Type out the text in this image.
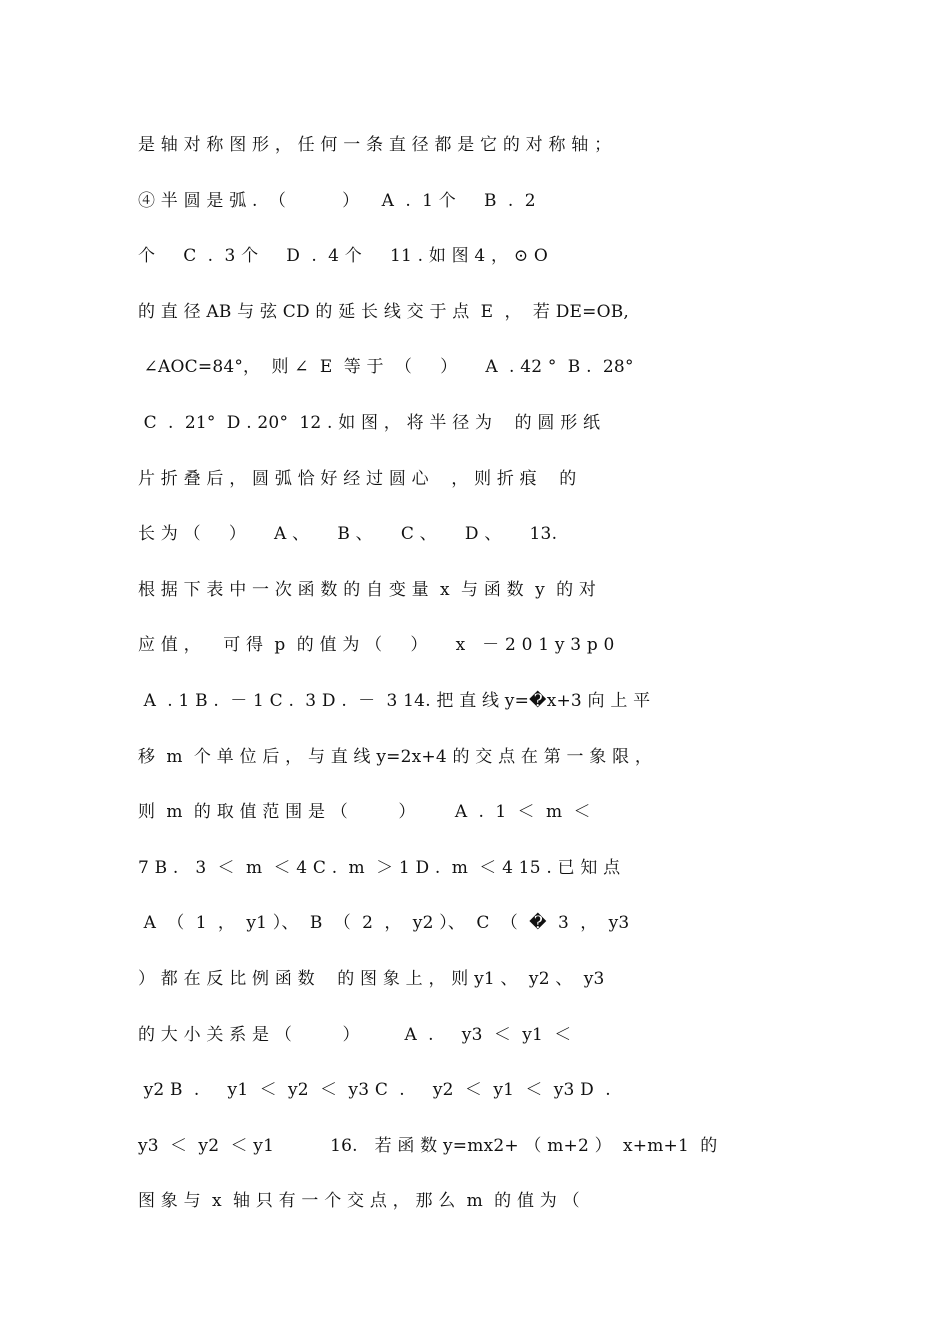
是 轴 对 称 图 形 ， 任 何 一 条 直 径 都 是 它 的 对 称 轴 ；
④ 半 圆 是 弧 .  （          ）    A  .  1 个     B  .  2
个     C  .  3 个     D  .  4 个     11 . 如 图 4 ， ⊙ O
的 直 径 AB 与 弦 CD 的 延 长 线 交 于 点  E  ，  若 DE=OB,
∠AOC=84°，  则 ∠  E  等 于  （     ）     A  . 42 °  B .  28°
C  .  21°  D . 20°  12 . 如 图 ， 将 半 径 为    的 圆 形 纸
片 折 叠 后 ， 圆 弧 恰 好 经 过 圆 心    ， 则 折 痕    的
长 为 （     ）     A 、     B 、     C 、     D 、     13.
根 据 下 表 中 一 次 函 数 的 自 变 量  x  与 函 数  y  的 对
应 值 ，    可 得  p  的 值 为 （     ）     x   － 2 0 1 y 3 p 0
A  . 1 B .  － 1 C .  3 D .  －  3 14. 把 直 线 y=�x+3 向 上 平
移  m  个 单 位 后 ， 与 直 线 y=2x+4 的 交 点 在 第 一 象 限 ，
则  m  的 取 值 范 围 是 （         ）       A  .  1  ＜  m  ＜
7 B .   3  ＜  m  ＜ 4 C .  m  ＞ 1 D .  m  ＜ 4 15 . 已 知 点
A  （  1  ，  y1 ）、  B  （  2  ，  y2 ）、  C  （  �  3  ，  y3
） 都 在 反 比 例 函 数    的 图 象 上 ， 则 y1 、  y2 、  y3
的 大 小 关 系 是 （         ）        A  .     y3  ＜  y1  ＜
y2 B  .     y1  ＜  y2  ＜  y3 C  .     y2  ＜  y1  ＜  y3 D  .
y3  ＜  y2  ＜ y1          16.   若 函 数 y=mx2+ （ m+2 ）  x+m+1  的
图 象 与  x  轴 只 有 一 个 交 点 ， 那 么  m  的 值 为 （
